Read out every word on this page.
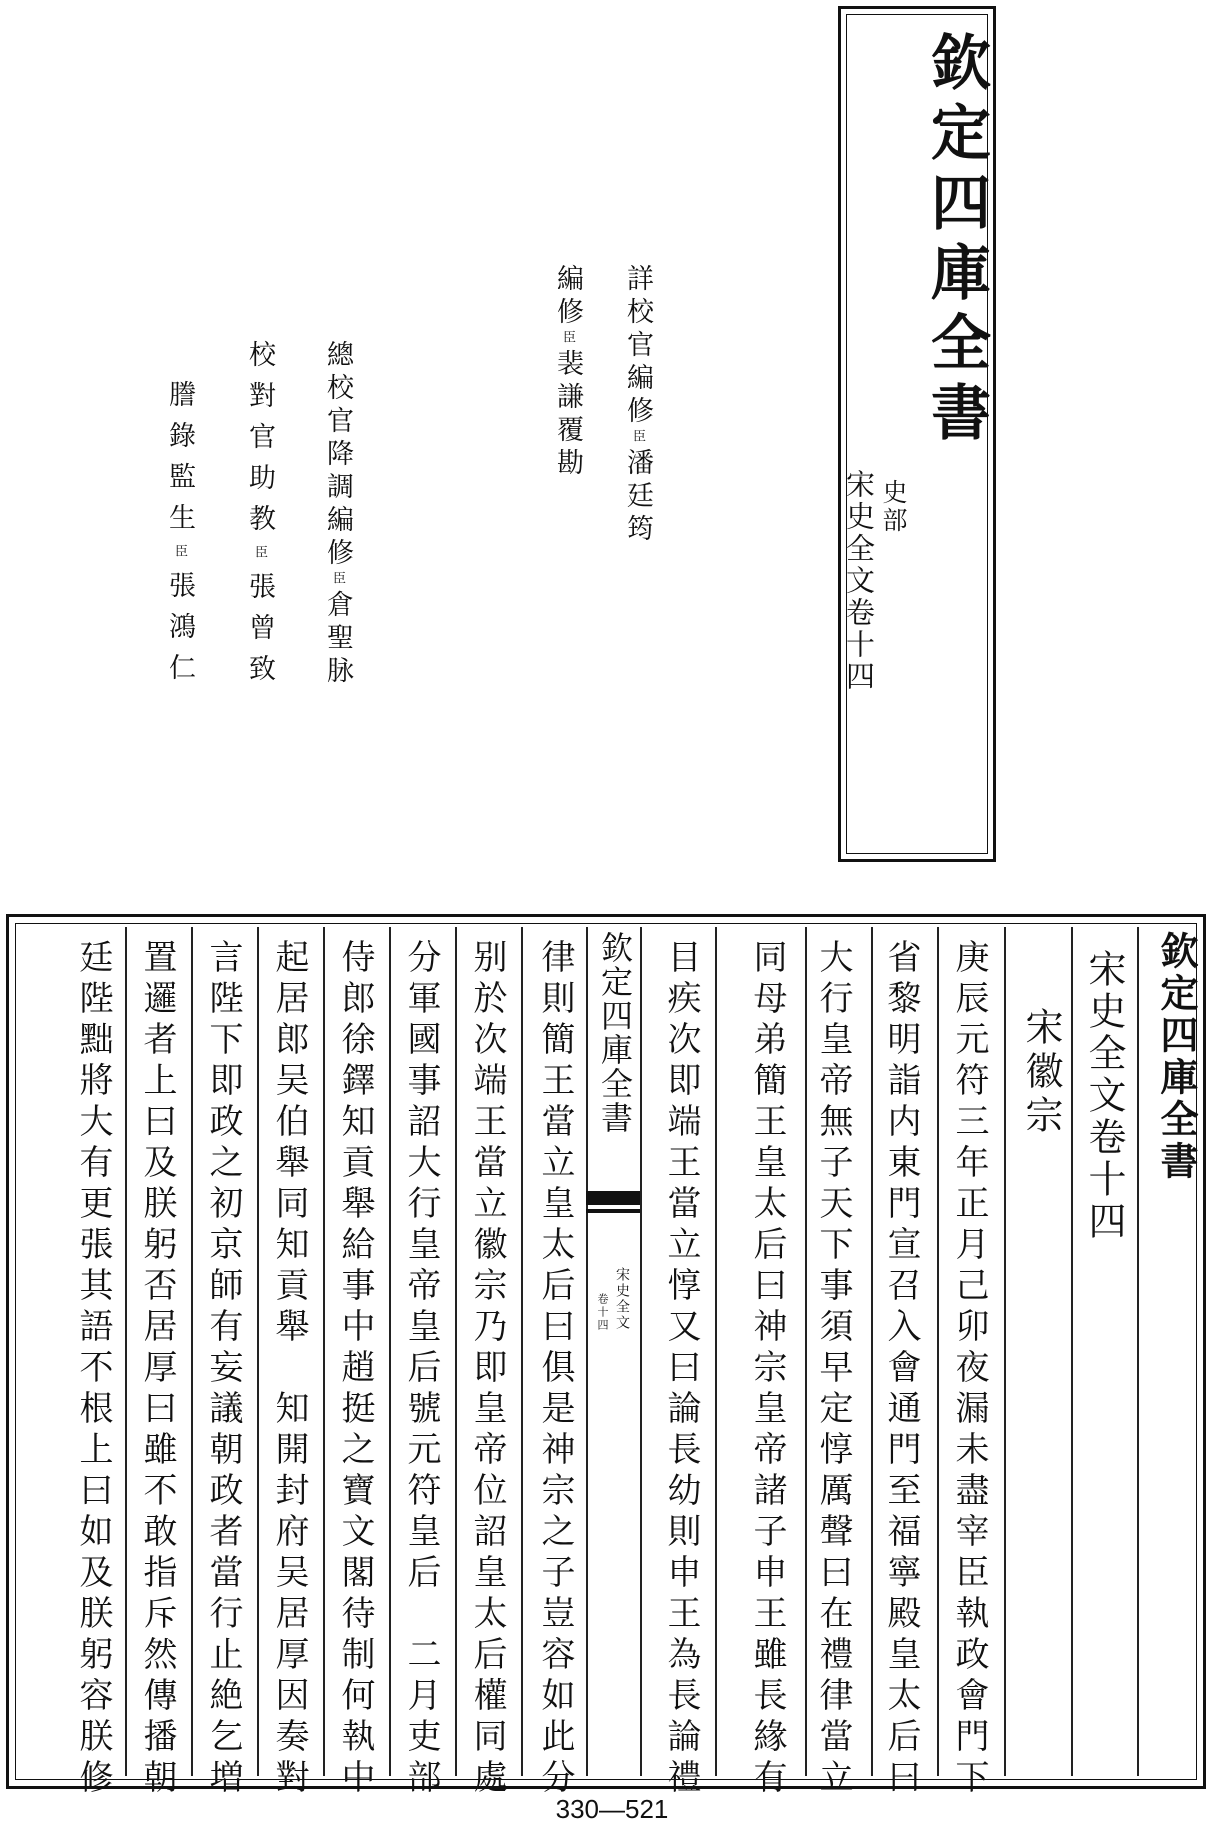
欽定四庫全書
史部
宋史全文卷十四
詳校官編修臣潘廷筠
編修臣裴謙覆勘
總校官降調編修臣倉聖脉
校對官助教臣張曾致
謄錄監生臣張鴻仁
欽定四庫全書
宋史全文卷十四
宋徽宗
庚辰元符三年正月己卯夜漏未盡宰臣執政會門下
省黎明詣内東門宣召入會通門至福寧殿皇太后曰
大行皇帝無子天下事須早定惇厲聲曰在禮律當立
同母弟簡王皇太后曰神宗皇帝諸子申王雖長緣有
目疾次即端王當立惇又曰論長幼則申王為長論禮
欽定四庫全書
宋史全文
卷十四
律則簡王當立皇太后曰俱是神宗之子豈容如此分
别於次端王當立徽宗乃即皇帝位詔皇太后權同處
分軍國事詔大行皇帝皇后號元符皇后　二月吏部
侍郎徐鐸知貢舉給事中趙挺之寶文閣待制何執中
起居郎吴伯舉同知貢舉　知開封府吴居厚因奏對
言陛下即政之初京師有妄議朝政者當行止絶乞増
置邏者上曰及朕躬否居厚曰雖不敢指斥然傳播朝
廷陛黜將大有更張其語不根上曰如及朕躬容朕修
330—521
